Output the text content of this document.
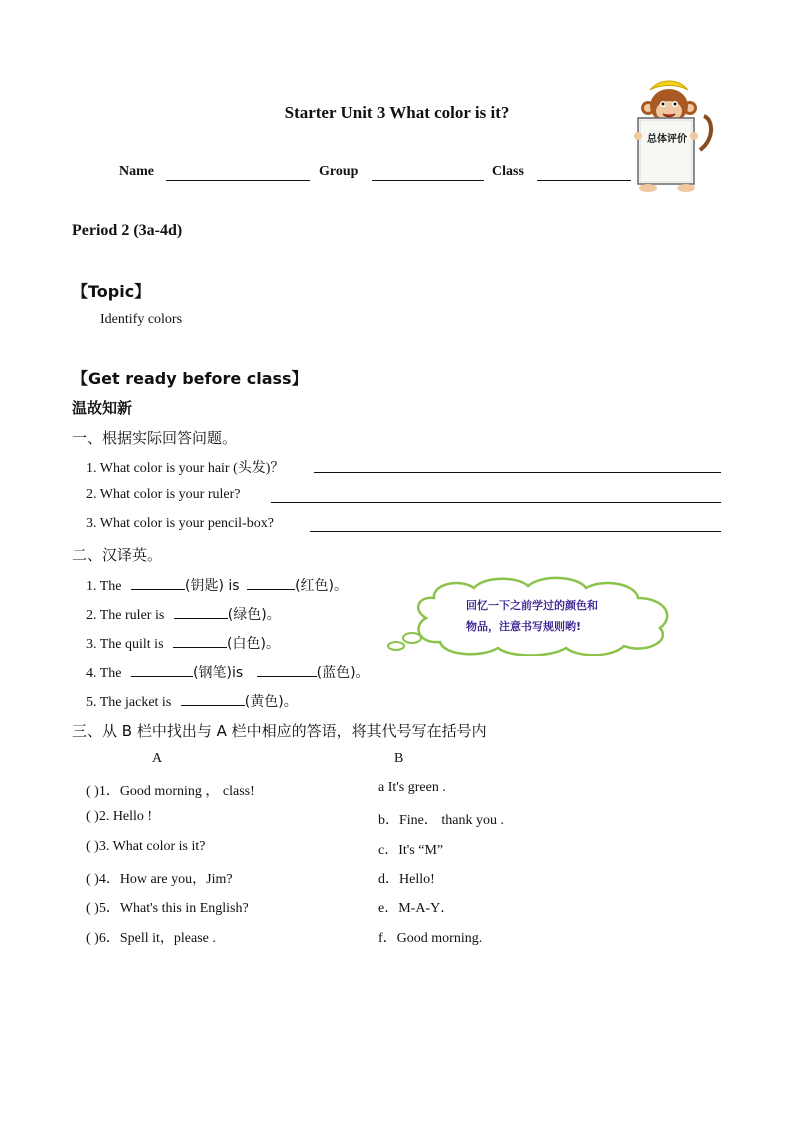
Starter Unit 3 What color is it?
Name	Group	Class
总体评价
Period 2 (3a-4d)
【Topic】
Identify colors
【Get ready before class】
温故知新
一、根据实际回答问题。
1. What color is your hair (头发)？
2. What color is your ruler?
3. What color is your pencil-box?
二、汉译英。
1. The	(钥匙) is	(红色)。
2. The ruler is	(绿色)。
3. The quilt is	(白色)。
4. The	(钢笔)is	(蓝色)。
5. The jacket is	(黄色)。
回忆一下之前学过的颜色和
物品，注意书写规则哟!
三、从 B 栏中找出与 A 栏中相应的答语，将其代号写在括号内
A	B
( )1．Good morning ， class!	a It's green .
( )2. Hello !	b．Fine． thank you .
( )3. What color is it?	c．It's “M”
( )4．How are you，Jim?	d．Hello!
( )5．What's this in English?	e．M-A-Y．
( )6．Spell it，please .	f．Good morning.
